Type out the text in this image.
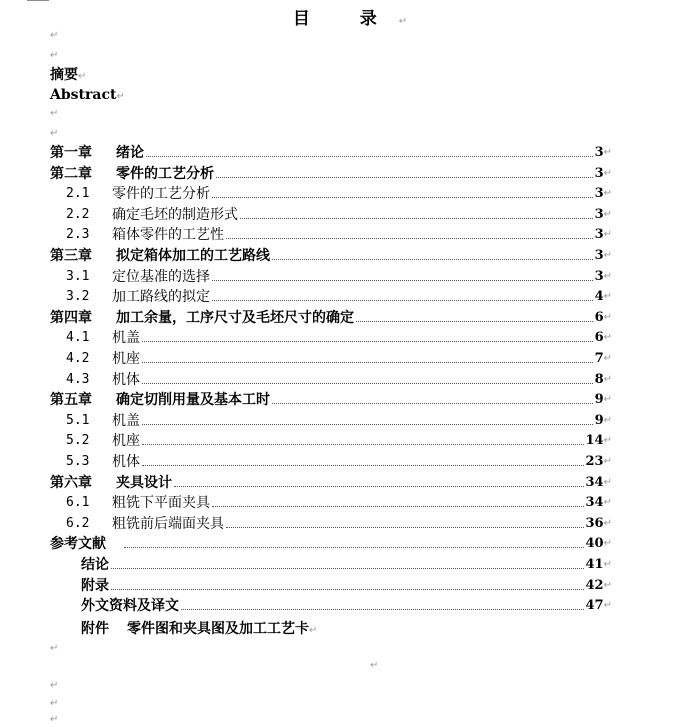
目 录↵
↵
↵
摘要↵
Abstract↵
↵
↵
第一章	绪论	3 ↵
第二章	零件的工艺分析	3 ↵
2.1	零件的工艺分析	3 ↵
2.2	确定毛坯的制造形式	3 ↵
2.3	箱体零件的工艺性	3 ↵
第三章	拟定箱体加工的工艺路线	3 ↵
3.1	定位基准的选择	3 ↵
3.2	加工路线的拟定	4 ↵
第四章	加工余量，工序尺寸及毛坯尺寸的确定	6 ↵
4.1	机盖	6 ↵
4.2	机座	7 ↵
4.3	机体	8 ↵
第五章	确定切削用量及基本工时	9 ↵
5.1	机盖	9 ↵
5.2	机座	14 ↵
5.3	机体	23 ↵
第六章	夹具设计	34 ↵
6.1	粗铣下平面夹具	34 ↵
6.2	粗铣前后端面夹具	36 ↵
参考文献	40 ↵
结论	41 ↵
附录	42 ↵
外文资料及译文	47 ↵
附件 零件图和夹具图及加工工艺卡↵
↵
↵
↵
↵
↵
